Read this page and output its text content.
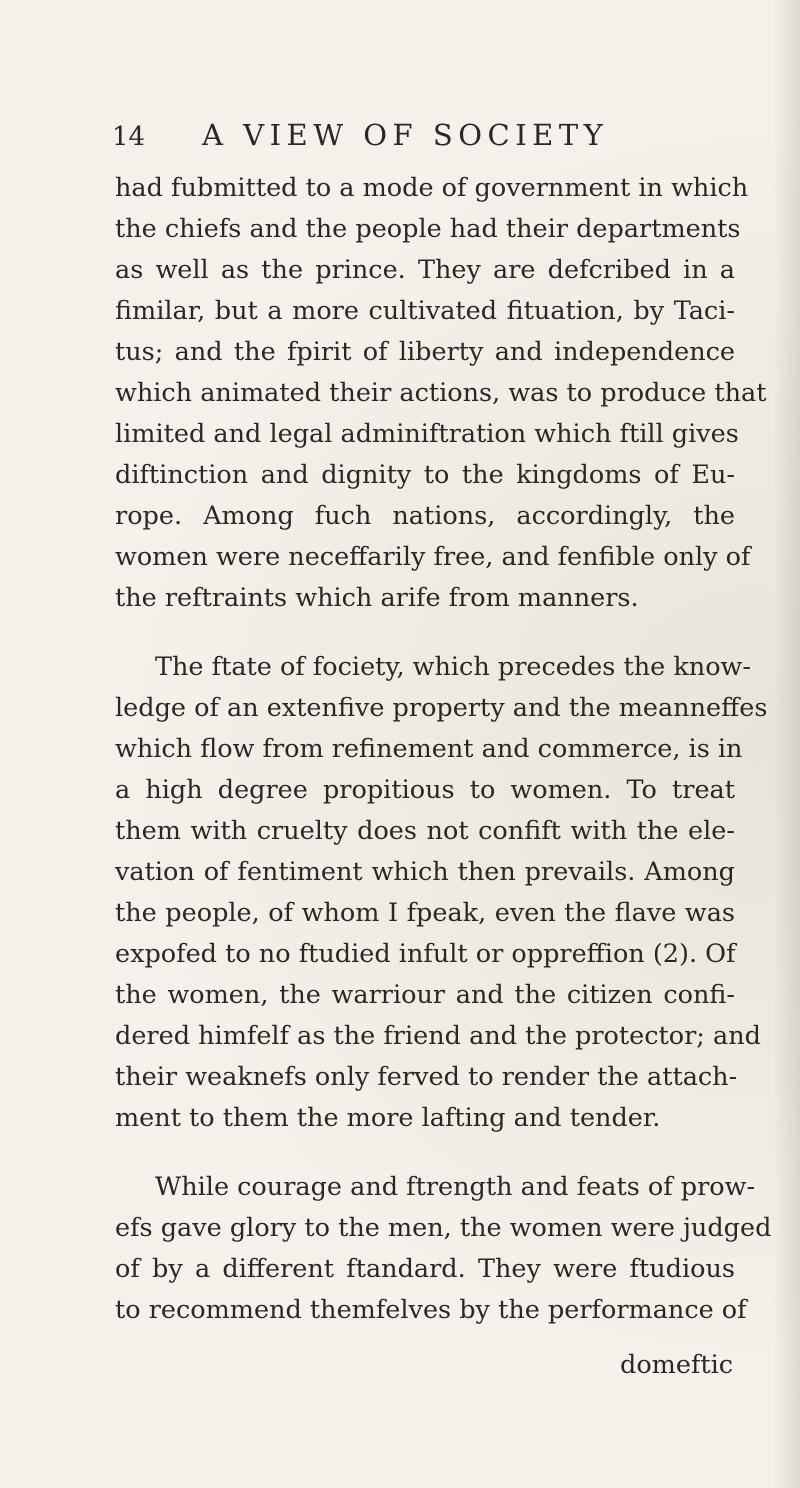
14 A VIEW OF SOCIETY
had fubmitted to a mode of government in which
the chiefs and the people had their departments
as well as the prince. They are defcribed in a
fimilar, but a more cultivated fituation, by Taci-
tus; and the fpirit of liberty and independence
which animated their actions, was to produce that
limited and legal adminiftration which ftill gives
diftinction and dignity to the kingdoms of Eu-
rope. Among fuch nations, accordingly, the
women were neceffarily free, and fenfible only of
the reftraints which arife from manners.
The ftate of fociety, which precedes the know-
ledge of an extenfive property and the meanneffes
which flow from refinement and commerce, is in
a high degree propitious to women. To treat
them with cruelty does not confift with the ele-
vation of fentiment which then prevails. Among
the people, of whom I fpeak, even the flave was
expofed to no ftudied infult or oppreffion (2). Of
the women, the warriour and the citizen confi-
dered himfelf as the friend and the protector; and
their weaknefs only ferved to render the attach-
ment to them the more lafting and tender.
While courage and ftrength and feats of prow-
efs gave glory to the men, the women were judged
of by a different ftandard. They were ftudious
to recommend themfelves by the performance of
domeftic
